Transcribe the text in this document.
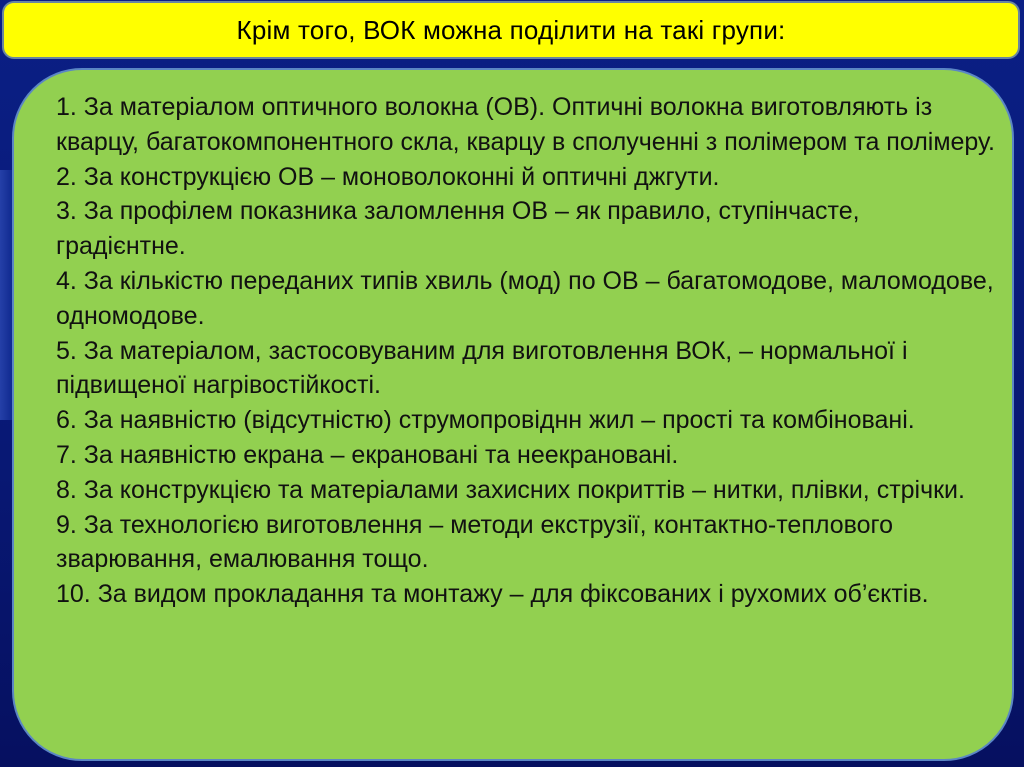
Крім того, ВОК можна поділити на такі групи:
1. За матеріалом оптичного волокна (ОВ). Оптичні волокна виготовляють із кварцу, багатокомпонентного скла, кварцу в сполученні з полімером та полімеру.
2. За конструкцією ОВ – моноволоконні й оптичні джгути.
3. За профілем показника заломлення ОВ – як правило, ступінчасте, градієнтне.
4. За кількістю переданих типів хвиль (мод) по ОВ – багатомодове, маломодове, одномодове.
5. За матеріалом, застосовуваним для виготовлення ВОК, – нормальної і підвищеної нагрівостійкості.
6. За наявністю (відсутністю) струмопровіднн жил – прості та комбіновані.
7. За наявністю екрана – екрановані та неекрановані.
8. За конструкцією та матеріалами захисних покриттів – нитки, плівки, стрічки.
9. За технологією виготовлення – методи екструзії, контактно-теплового зварювання, емалювання тощо.
10. За видом прокладання та монтажу – для фіксованих і рухомих об’єктів.
